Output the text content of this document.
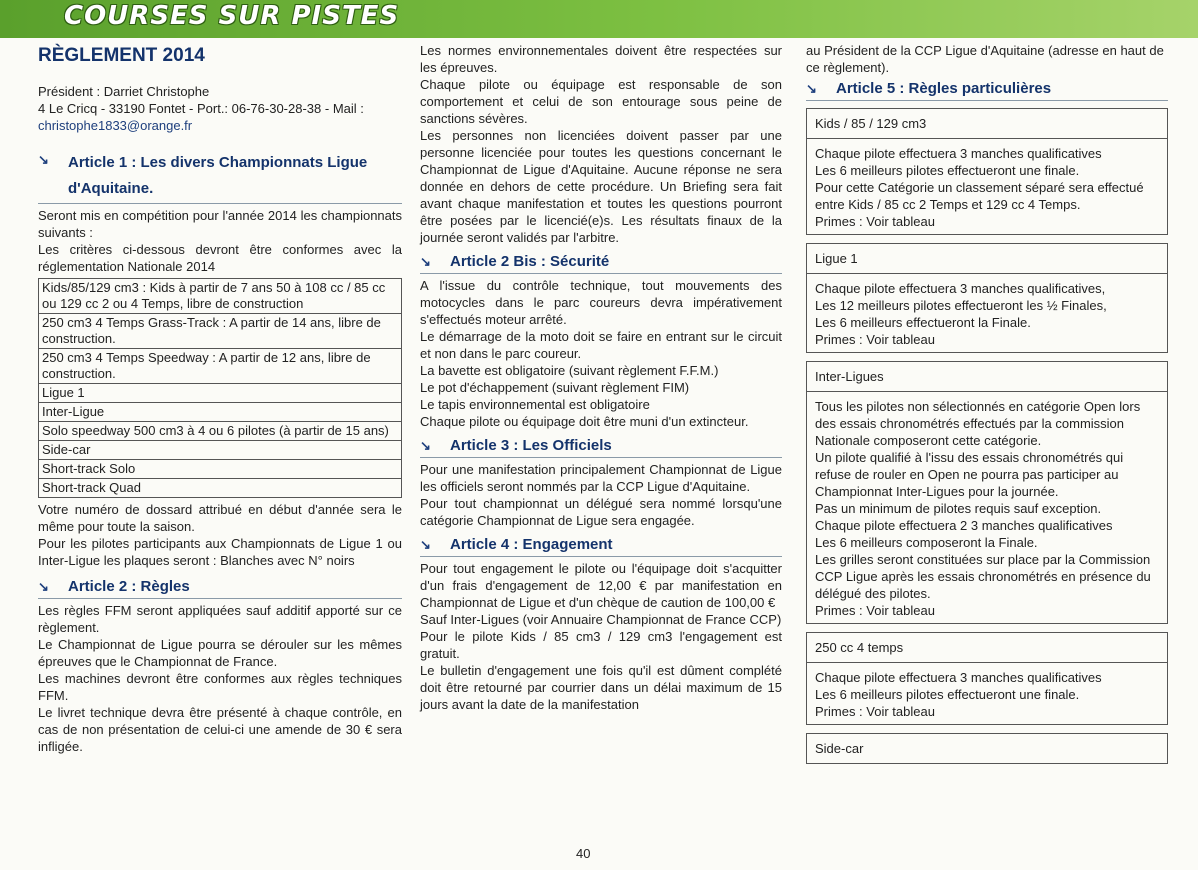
COURSES SUR PISTES
RÈGLEMENT 2014

Président : Darriet Christophe

4 Le Cricq - 33190 Fontet - Port.: 06-76-30-28-38 - Mail :

christophe1833@orange.fr

↘	Article 1 : Les divers Championnats Ligue d'Aquitaine.

Seront mis en compétition pour l'année 2014 les championnats suivants :

Les critères ci-dessous devront être conformes avec la réglementation Nationale 2014

Kids/85/129 cm3 : Kids à partir de 7 ans 50 à 108 cc / 85 cc ou 129 cc 2 ou 4 Temps, libre de construction
250 cm3 4 Temps Grass-Track : A partir de 14 ans, libre de construction.
250 cm3 4 Temps Speedway : A partir de 12 ans, libre de construction.
Ligue 1
Inter-Ligue
Solo speedway 500 cm3 à 4 ou 6 pilotes (à partir de 15 ans)
Side-car
Short-track Solo
Short-track Quad

Votre numéro de dossard attribué en début d'année sera le même pour toute la saison.

Pour les pilotes participants aux Championnats de Ligue 1 ou Inter-Ligue les plaques seront : Blanches avec N° noirs

↘	Article 2 : Règles

Les règles FFM seront appliquées sauf additif apporté sur ce règlement.

Le Championnat de Ligue pourra se dérouler sur les mêmes épreuves que le Championnat de France.

Les machines devront être conformes aux règles techniques FFM.

Le livret technique devra être présenté à chaque contrôle, en cas de non présentation de celui-ci une amende de 30 € sera infligée.

Les normes environnementales doivent être respectées sur les épreuves.

Chaque pilote ou équipage est responsable de son comportement et celui de son entourage sous peine de sanctions sévères.

Les personnes non licenciées doivent passer par une personne licenciée pour toutes les questions concernant le Championnat de Ligue d'Aquitaine. Aucune réponse ne sera donnée en dehors de cette procédure. Un Briefing sera fait avant chaque manifestation et toutes les questions pourront être posées par le licencié(e)s. Les résultats finaux de la journée seront validés par l'arbitre.

↘	Article 2 Bis : Sécurité

A l'issue du contrôle technique, tout mouvements des motocycles dans le parc coureurs devra impérativement s'effectués moteur arrêté.

Le démarrage de la moto doit se faire en entrant sur le circuit et non dans le parc coureur.

La bavette est obligatoire (suivant règlement F.F.M.)

Le pot d'échappement (suivant règlement FIM)

Le tapis environnemental est obligatoire

Chaque pilote ou équipage doit être muni d'un extincteur.

↘	Article 3 : Les Officiels

Pour une manifestation principalement Championnat de Ligue les officiels seront nommés par la CCP Ligue d'Aquitaine.

Pour tout championnat un délégué sera nommé lorsqu'une catégorie Championnat de Ligue sera engagée.

↘	Article 4 : Engagement

Pour tout engagement le pilote ou l'équipage doit s'acquitter d'un frais d'engagement de 12,00 € par manifestation en Championnat de Ligue et d'un chèque de caution de 100,00 €

Sauf Inter-Ligues (voir Annuaire Championnat de France CCP)

Pour le pilote Kids / 85 cm3 / 129 cm3 l'engagement est gratuit.

Le bulletin d'engagement une fois qu'il est dûment complété doit être retourné par courrier dans un délai maximum de 15 jours avant la date de la manifestation

au Président de la CCP Ligue d'Aquitaine (adresse en haut de ce règlement).

↘	Article 5 : Règles particulières
Kids / 85 / 129 cm3

Chaque pilote effectuera 3 manches qualificatives

Les 6 meilleurs pilotes effectueront une finale.

Pour cette Catégorie un classement séparé sera effectué entre Kids / 85 cc 2 Temps et 129 cc 4 Temps.

Primes : Voir tableau

Ligue 1

Chaque pilote effectuera 3 manches qualificatives,

Les 12 meilleurs pilotes effectueront les ½ Finales,

Les 6 meilleurs effectueront la Finale.

Primes : Voir tableau

Inter-Ligues

Tous les pilotes non sélectionnés en catégorie Open lors des essais chronométrés effectués par la commission Nationale composeront cette catégorie.

Un pilote qualifié à l'issu des essais chronométrés qui refuse de rouler en Open ne pourra pas participer au Championnat Inter-Ligues pour la journée.

Pas un minimum de pilotes requis sauf exception.

Chaque pilote effectuera 2 3 manches qualificatives

Les 6 meilleurs composeront la Finale.

Les grilles seront constituées sur place par la Commission CCP Ligue après les essais chronométrés en présence du délégué des pilotes.

Primes : Voir tableau

250 cc 4 temps

Chaque pilote effectuera 3 manches qualificatives

Les 6 meilleurs pilotes effectueront une finale.

Primes : Voir tableau

Side-car
40
